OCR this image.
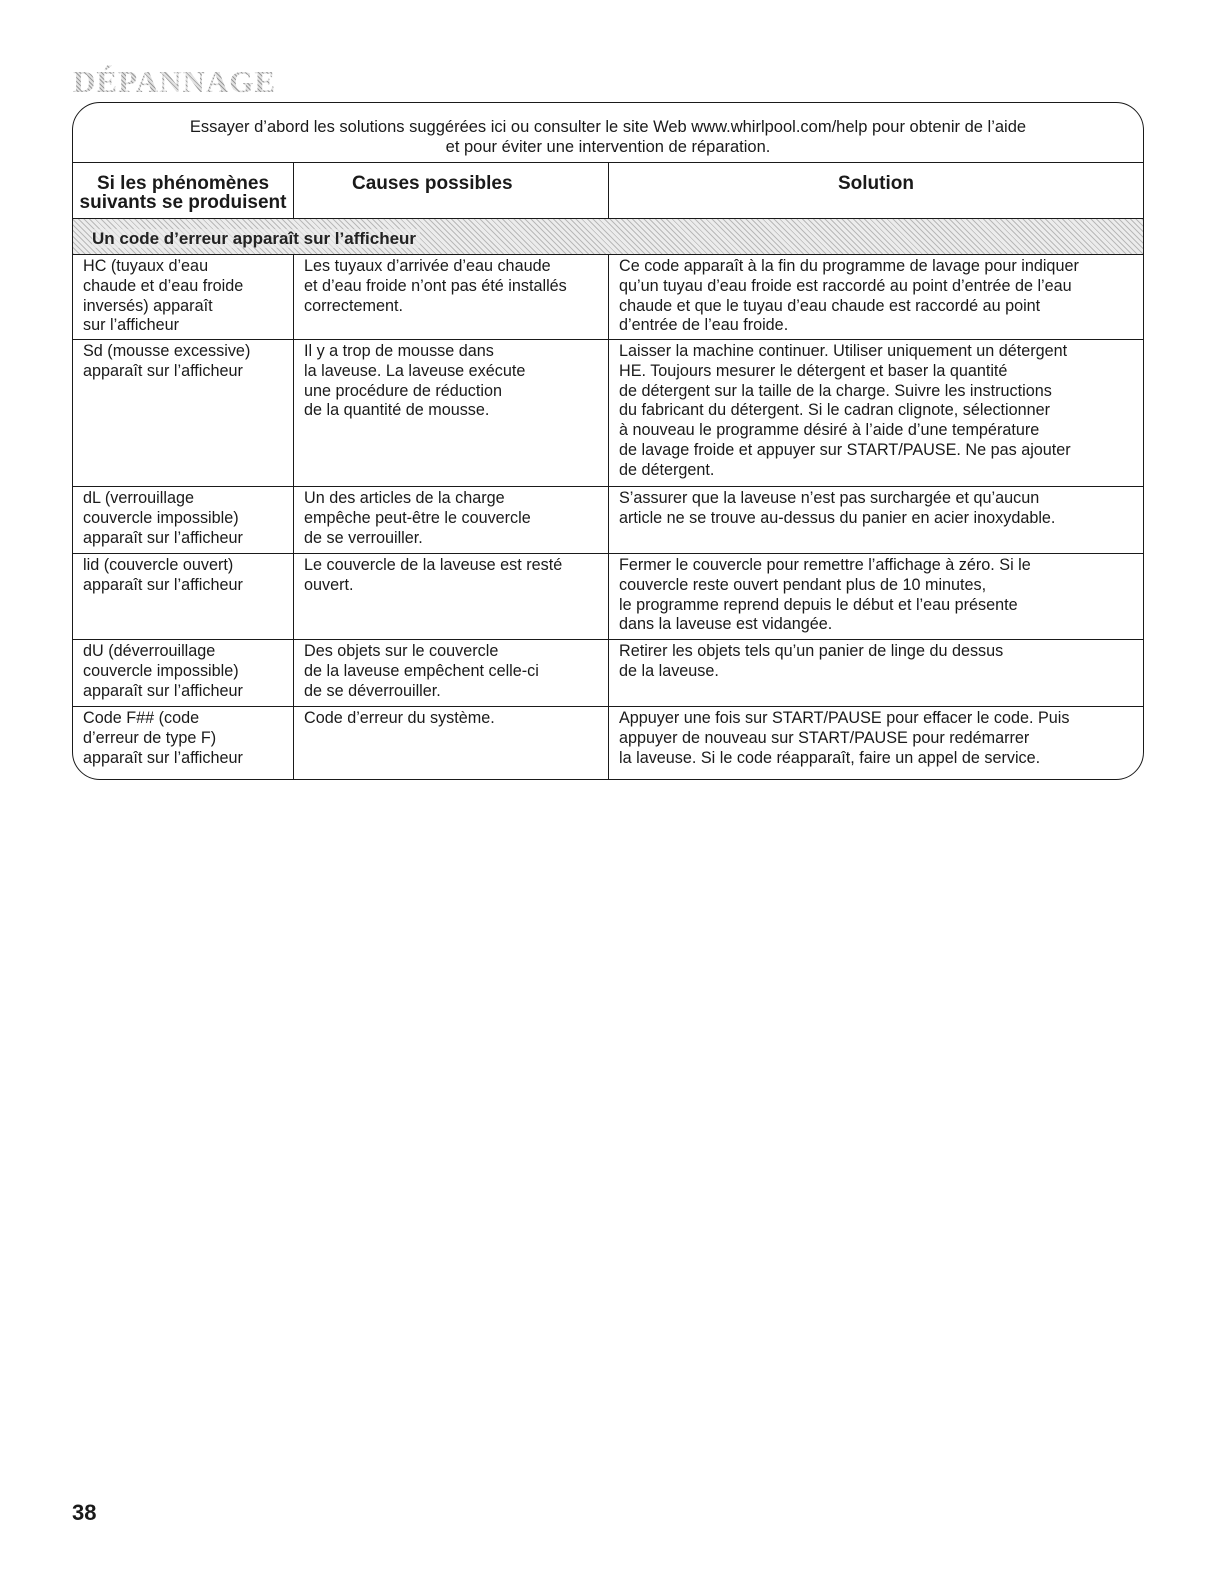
DÉPANNAGE
Essayer d’abord les solutions suggérées ici ou consulter le site Web www.whirlpool.com/help pour obtenir de l’aide
et pour éviter une intervention de réparation.
Si les phénomènes
suivants se produisent
Causes possibles	Solution
Un code d’erreur apparaît sur l’afficheur
HC (tuyaux d’eau
chaude et d’eau froide
inversés) apparaît
sur l’afficheur
Les tuyaux d’arrivée d’eau chaude
et d’eau froide n’ont pas été installés
correctement.
Ce code apparaît à la fin du programme de lavage pour indiquer
qu’un tuyau d’eau froide est raccordé au point d’entrée de l’eau
chaude et que le tuyau d’eau chaude est raccordé au point
d’entrée de l’eau froide.
Sd (mousse excessive)
apparaît sur l’afficheur
Il y a trop de mousse dans
la laveuse. La laveuse exécute
une procédure de réduction
de la quantité de mousse.
Laisser la machine continuer. Utiliser uniquement un détergent
HE. Toujours mesurer le détergent et baser la quantité
de détergent sur la taille de la charge. Suivre les instructions
du fabricant du détergent. Si le cadran clignote, sélectionner
à nouveau le programme désiré à l’aide d’une température
de lavage froide et appuyer sur START/PAUSE. Ne pas ajouter
de détergent.
dL (verrouillage
couvercle impossible)
apparaît sur l’afficheur
Un des articles de la charge
empêche peut-être le couvercle
de se verrouiller.
S’assurer que la laveuse n’est pas surchargée et qu’aucun
article ne se trouve au-dessus du panier en acier inoxydable.
lid (couvercle ouvert)
apparaît sur l’afficheur
Le couvercle de la laveuse est resté
ouvert.
Fermer le couvercle pour remettre l’affichage à zéro. Si le
couvercle reste ouvert pendant plus de 10 minutes,
le programme reprend depuis le début et l’eau présente
dans la laveuse est vidangée.
dU (déverrouillage
couvercle impossible)
apparaît sur l’afficheur
Des objets sur le couvercle
de la laveuse empêchent celle-ci
de se déverrouiller.
Retirer les objets tels qu’un panier de linge du dessus
de la laveuse.
Code F## (code
d’erreur de type F)
apparaît sur l’afficheur
Code d’erreur du système.	Appuyer une fois sur START/PAUSE pour effacer le code. Puis
appuyer de nouveau sur START/PAUSE pour redémarrer
la laveuse. Si le code réapparaît, faire un appel de service.

38
